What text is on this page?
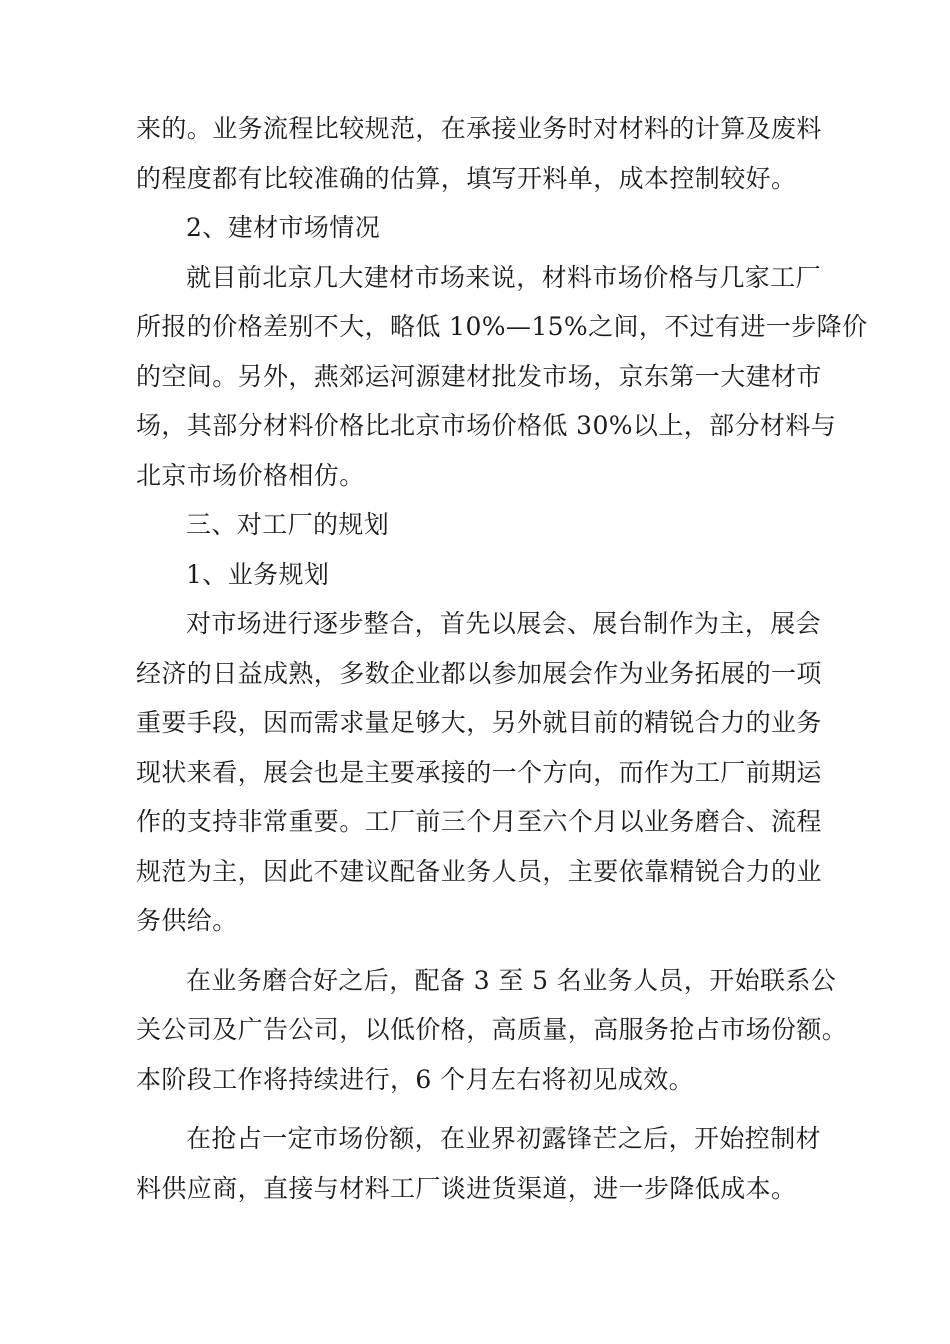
来的。业务流程比较规范，在承接业务时对材料的计算及废料
的程度都有比较准确的估算，填写开料单，成本控制较好。
2、建材市场情况
就目前北京几大建材市场来说，材料市场价格与几家工厂
所报的价格差别不大，略低 10%—15%之间，不过有进一步降价
的空间。另外，燕郊运河源建材批发市场，京东第一大建材市
场，其部分材料价格比北京市场价格低 30%以上，部分材料与
北京市场价格相仿。
三、对工厂的规划
1、业务规划
对市场进行逐步整合，首先以展会、展台制作为主，展会
经济的日益成熟，多数企业都以参加展会作为业务拓展的一项
重要手段，因而需求量足够大，另外就目前的精锐合力的业务
现状来看，展会也是主要承接的一个方向，而作为工厂前期运
作的支持非常重要。工厂前三个月至六个月以业务磨合、流程
规范为主，因此不建议配备业务人员，主要依靠精锐合力的业
务供给。
在业务磨合好之后，配备 3 至 5 名业务人员，开始联系公
关公司及广告公司，以低价格，高质量，高服务抢占市场份额。
本阶段工作将持续进行，6 个月左右将初见成效。
在抢占一定市场份额，在业界初露锋芒之后，开始控制材
料供应商，直接与材料工厂谈进货渠道，进一步降低成本。
